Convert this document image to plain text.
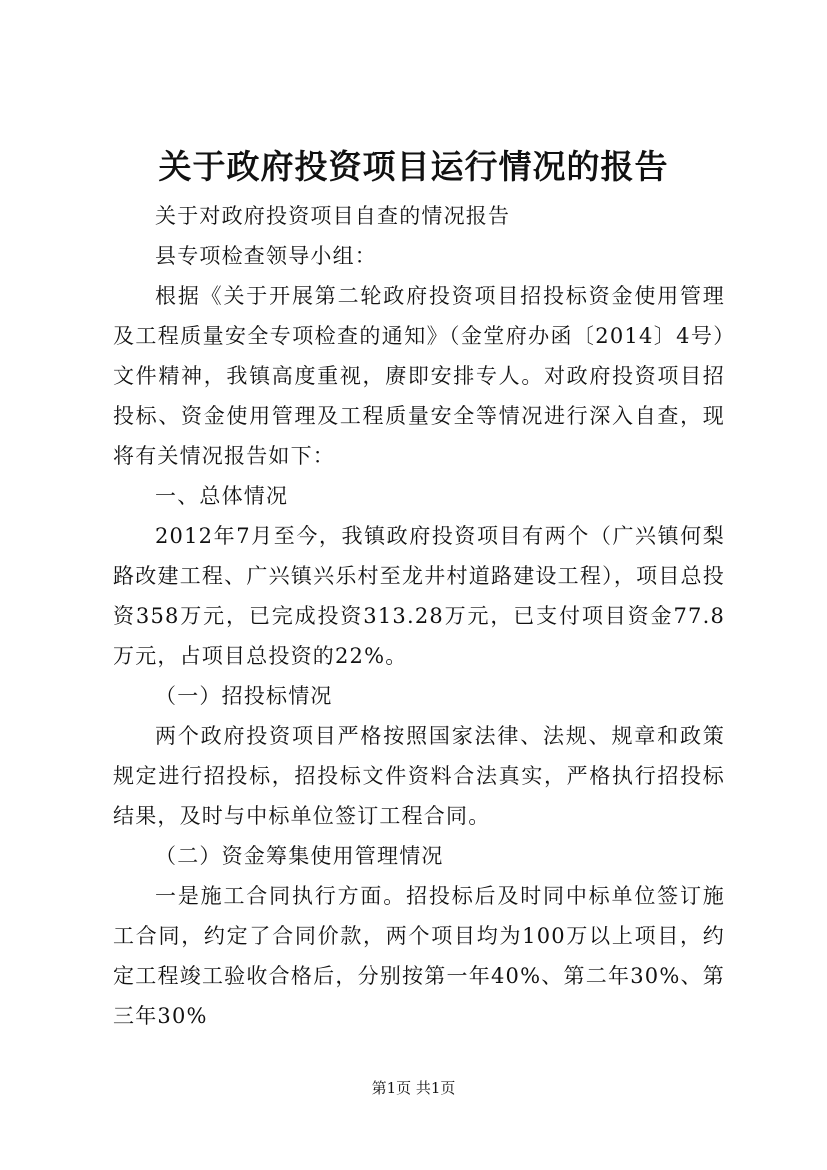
关于政府投资项目运行情况的报告

关于对政府投资项目自查的情况报告

县专项检查领导小组：

根据《关于开展第二轮政府投资项目招投标资金使用管理及工程质量安全专项检查的通知》（金堂府办函〔2014〕4号）文件精神，我镇高度重视，赓即安排专人。对政府投资项目招投标、资金使用管理及工程质量安全等情况进行深入自查，现将有关情况报告如下：

一、总体情况

2012年7月至今，我镇政府投资项目有两个（广兴镇何梨路改建工程、广兴镇兴乐村至龙井村道路建设工程），项目总投资358万元，已完成投资313.28万元，已支付项目资金77.8万元，占项目总投资的22%。

（一）招投标情况

两个政府投资项目严格按照国家法律、法规、规章和政策规定进行招投标，招投标文件资料合法真实，严格执行招投标结果，及时与中标单位签订工程合同。

（二）资金筹集使用管理情况

一是施工合同执行方面。招投标后及时同中标单位签订施工合同，约定了合同价款，两个项目均为100万以上项目，约定工程竣工验收合格后，分别按第一年40%、第二年30%、第三年30%

第1页 共1页
